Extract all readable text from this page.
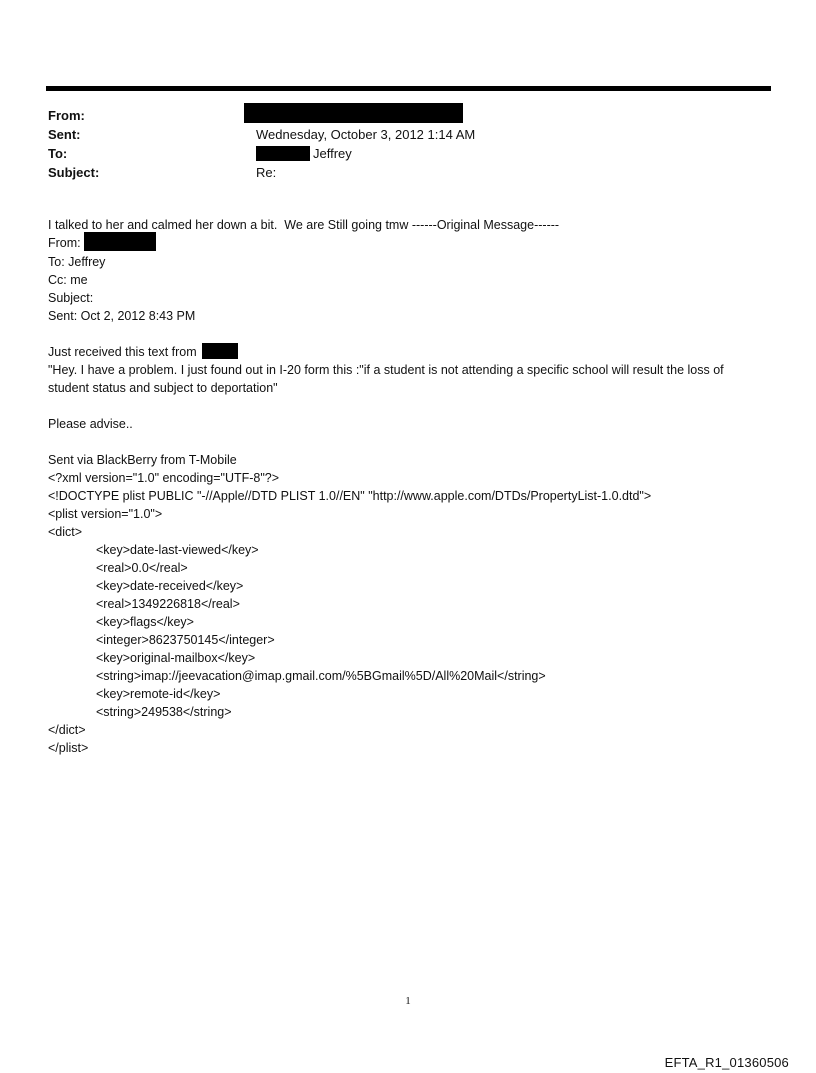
From:
Sent:	Wednesday, October 3, 2012 1:14 AM
To:	Jeffrey
Subject:	Re:
I talked to her and calmed her down a bit.  We are Still going tmw ------Original Message------
From:
To: Jeffrey
Cc: me
Subject:
Sent: Oct 2, 2012 8:43 PM
Just received this text from
"Hey. I have a problem. I just found out in I-20 form this :"if a student is not attending a specific school will result the loss of student status and subject to deportation"
Please advise..
Sent via BlackBerry from T-Mobile
<?xml version="1.0" encoding="UTF-8"?>
<!DOCTYPE plist PUBLIC "-//Apple//DTD PLIST 1.0//EN" "http://www.apple.com/DTDs/PropertyList-1.0.dtd">
<plist version="1.0">
<dict>
<key>date-last-viewed</key>
<real>0.0</real>
<key>date-received</key>
<real>1349226818</real>
<key>flags</key>
<integer>8623750145</integer>
<key>original-mailbox</key>
<string>imap://jeevacation@imap.gmail.com/%5BGmail%5D/All%20Mail</string>
<key>remote-id</key>
<string>249538</string>
</dict>
</plist>
1
EFTA_R1_01360506
